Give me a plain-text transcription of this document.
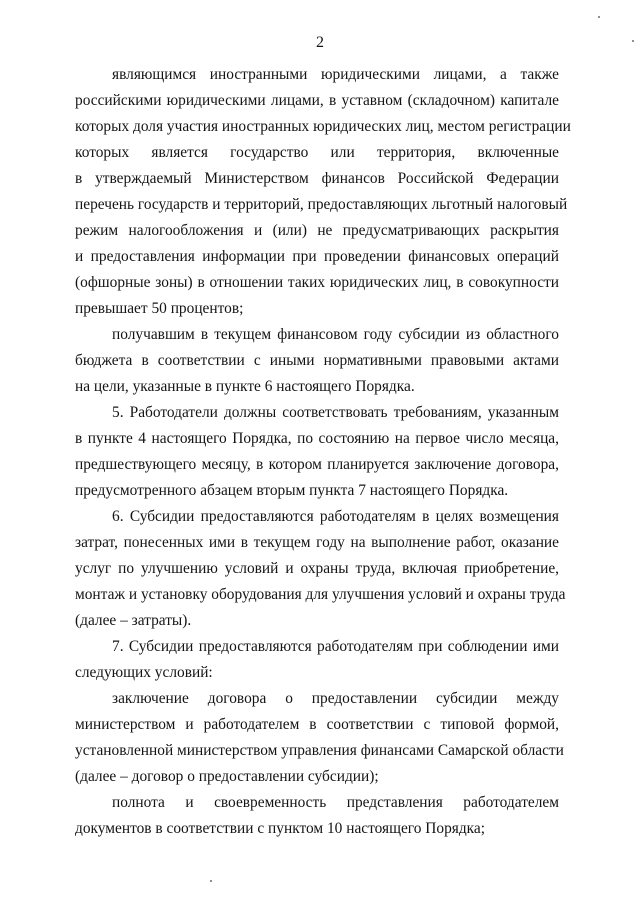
2
являющимся иностранными юридическими лицами, а также
российскими юридическими лицами, в уставном (складочном) капитале
которых доля участия иностранных юридических лиц, местом регистрации
которых является государство или территория, включенные
в утверждаемый Министерством финансов Российской Федерации
перечень государств и территорий, предоставляющих льготный налоговый
режим налогообложения и (или) не предусматривающих раскрытия
и предоставления информации при проведении финансовых операций
(офшорные зоны) в отношении таких юридических лиц, в совокупности
превышает 50 процентов;
получавшим в текущем финансовом году субсидии из областного
бюджета в соответствии с иными нормативными правовыми актами
на цели, указанные в пункте 6 настоящего Порядка.
5. Работодатели должны соответствовать требованиям, указанным
в пункте 4 настоящего Порядка, по состоянию на первое число месяца,
предшествующего месяцу, в котором планируется заключение договора,
предусмотренного абзацем вторым пункта 7 настоящего Порядка.
6. Субсидии предоставляются работодателям в целях возмещения
затрат, понесенных ими в текущем году на выполнение работ, оказание
услуг по улучшению условий и охраны труда, включая приобретение,
монтаж и установку оборудования для улучшения условий и охраны труда
(далее – затраты).
7. Субсидии предоставляются работодателям при соблюдении ими
следующих условий:
заключение договора о предоставлении субсидии между
министерством и работодателем в соответствии с типовой формой,
установленной министерством управления финансами Самарской области
(далее – договор о предоставлении субсидии);
полнота и своевременность представления работодателем
документов в соответствии с пунктом 10 настоящего Порядка;
